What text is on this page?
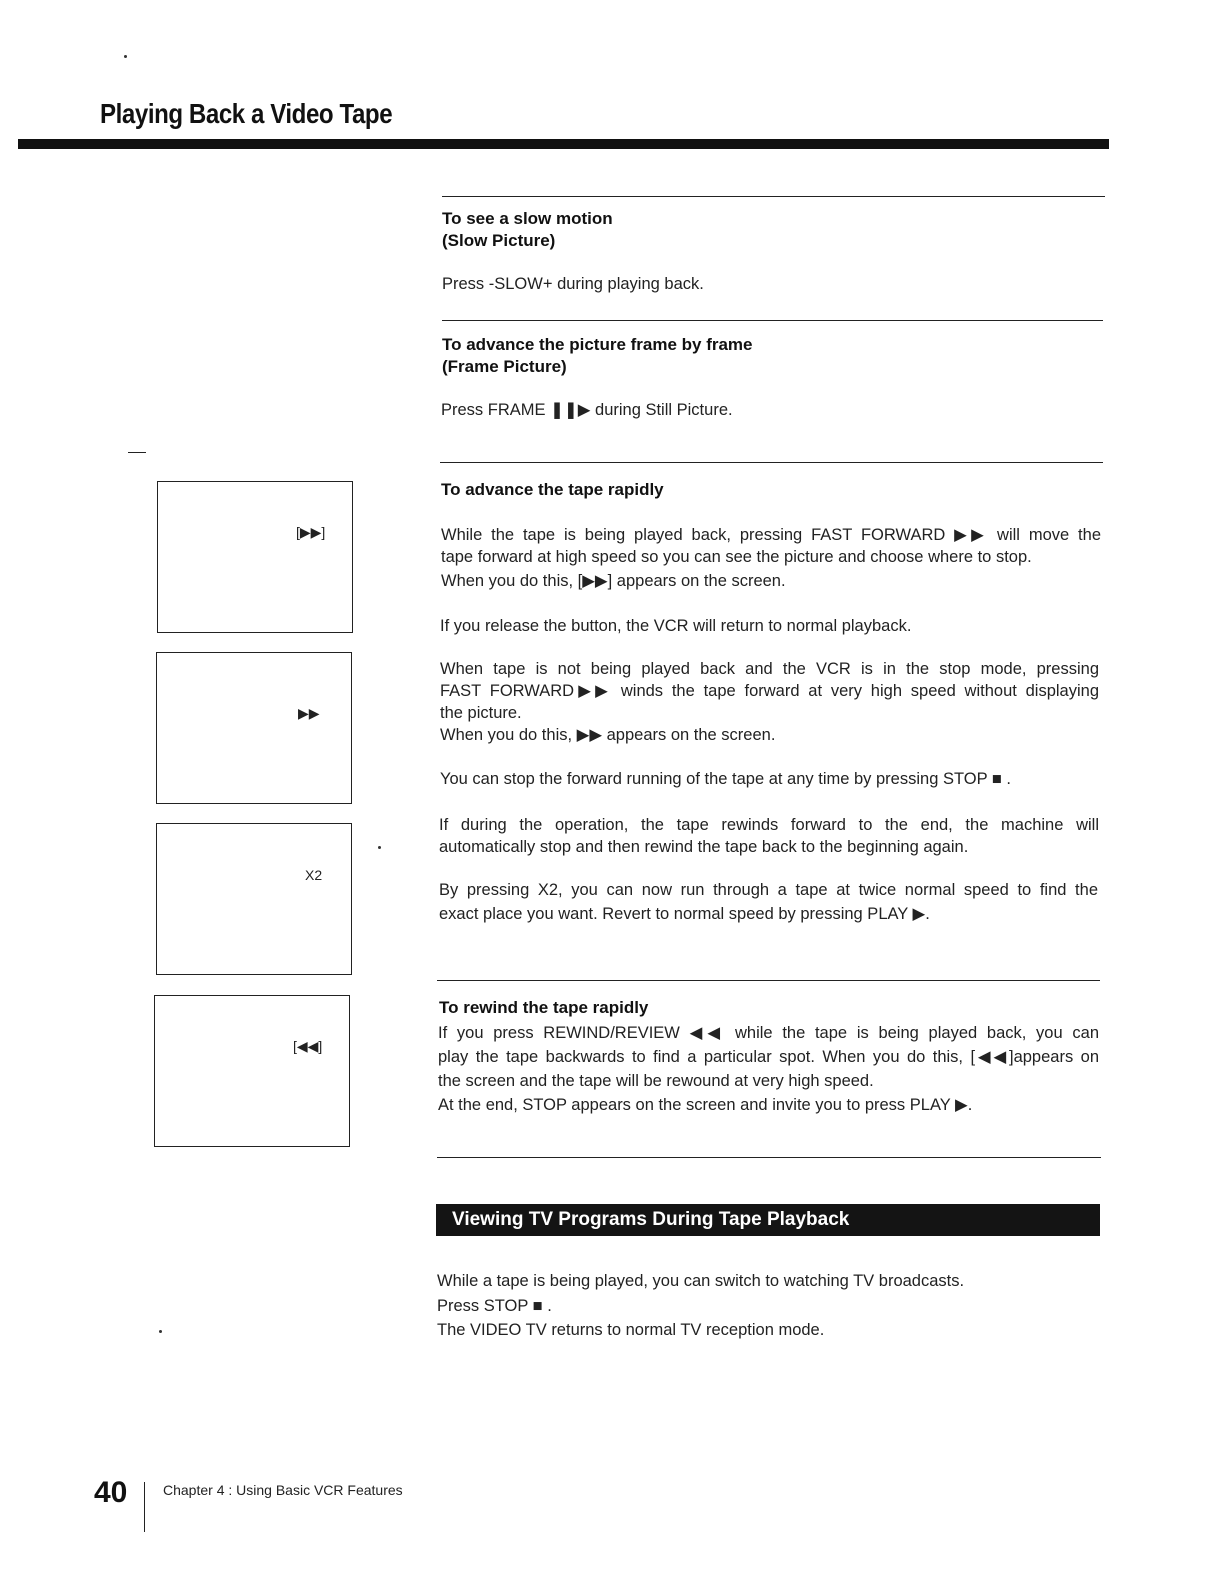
Playing Back a Video Tape
To see a slow motion
(Slow Picture)
Press -SLOW+ during playing back.
To advance the picture frame by frame
(Frame Picture)
Press FRAME ❚❚▶ during Still Picture.
To advance the tape rapidly
While the tape is being played back, pressing FAST FORWARD ▶▶ will move the
tape forward at high speed so you can see the picture and choose where to stop.
When you do this, [▶▶] appears on the screen.
If you release the button, the VCR will return to normal playback.
When tape is not being played back and the VCR is in the stop mode, pressing
FAST FORWARD▶▶ winds the tape forward at very high speed without displaying
the picture.
When you do this, ▶▶ appears on the screen.
You can stop the forward running of the tape at any time by pressing STOP ■ .
If during the operation, the tape rewinds forward to the end, the machine will
automatically stop and then rewind the tape back to the beginning again.
By pressing X2, you can now run through a tape at twice normal speed to find the
exact place you want. Revert to normal speed by pressing PLAY ▶.
To rewind the tape rapidly
If you press REWIND/REVIEW ◀◀ while the tape is being played back, you can
play the tape backwards to find a particular spot. When you do this, [◀◀]appears on
the screen and the tape will be rewound at very high speed.
At the end, STOP appears on the screen and invite you to press PLAY ▶.
Viewing TV Programs During Tape Playback
While a tape is being played, you can switch to watching TV broadcasts.
Press STOP ■ .
The VIDEO TV returns to normal TV reception mode.
[▶▶]
▶▶
X2
[◀◀]
40	Chapter 4 : Using Basic VCR Features
